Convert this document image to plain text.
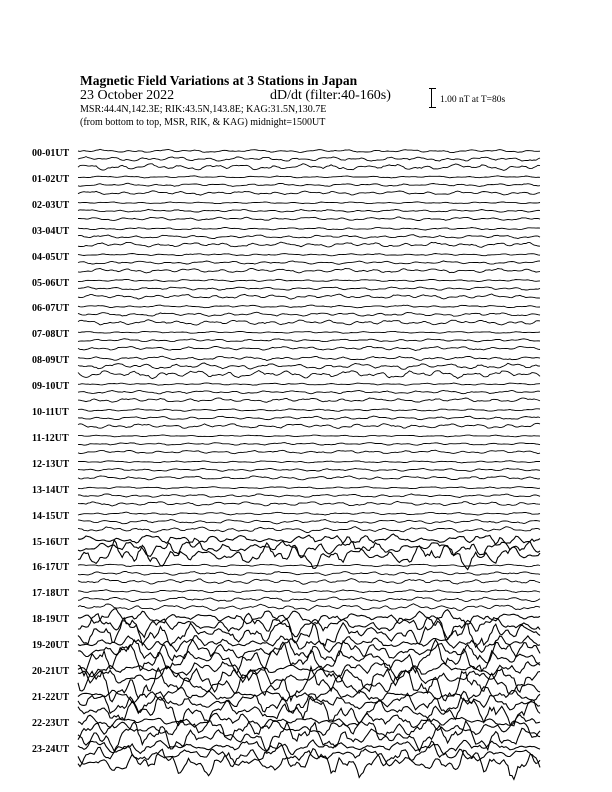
Magnetic Field Variations at 3 Stations in Japan
23 October 2022	dD/dt (filter:40-160s)
MSR:44.4N,142.3E; RIK:43.5N,143.8E; KAG:31.5N,130.7E
(from bottom to top, MSR, RIK, & KAG) midnight=1500UT
1.00 nT at T=80s
00-01UT
01-02UT
02-03UT
03-04UT
04-05UT
05-06UT
06-07UT
07-08UT
08-09UT
09-10UT
10-11UT
11-12UT
12-13UT
13-14UT
14-15UT
15-16UT
16-17UT
17-18UT
18-19UT
19-20UT
20-21UT
21-22UT
22-23UT
23-24UT
